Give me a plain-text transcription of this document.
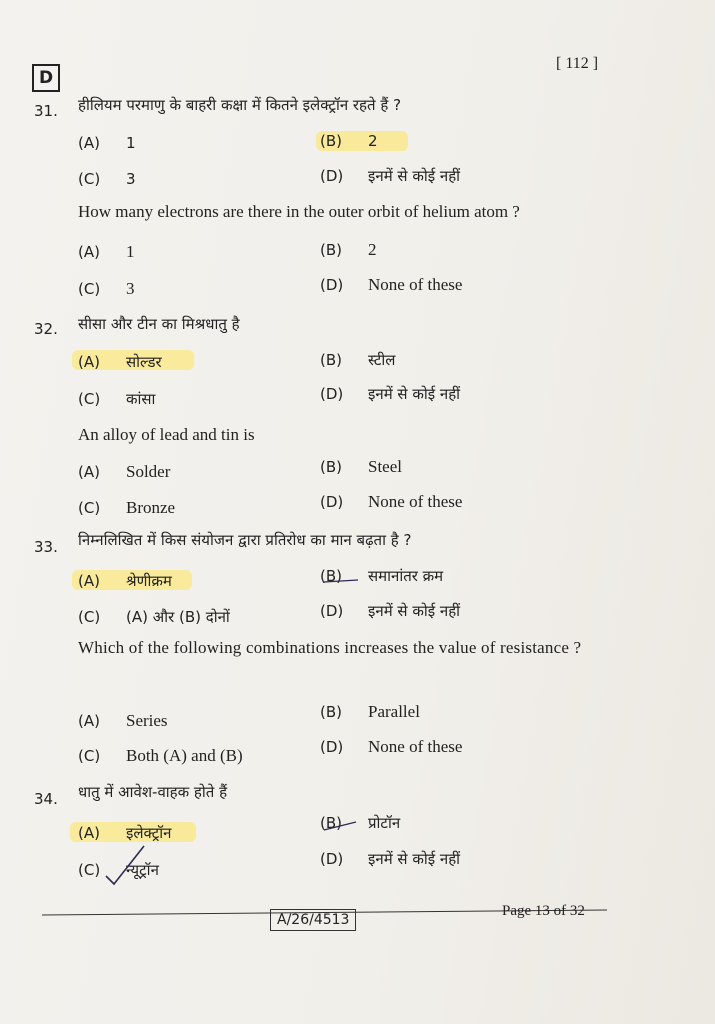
D
[ 112 ]
31. हीलियम परमाणु के बाहरी कक्षा में कितने इलेक्ट्रॉन रहते हैं ?
(A) 1	(B) 2
(C) 3	(D) इनमें से कोई नहीं
How many electrons are there in the outer orbit of helium atom ?
(A) 1	(B) 2
(C) 3	(D) None of these
32. सीसा और टीन का मिश्रधातु है
(A) सोल्डर	(B) स्टील
(C) कांसा	(D) इनमें से कोई नहीं
An alloy of lead and tin is
(A) Solder	(B) Steel
(C) Bronze	(D) None of these
33. निम्नलिखित में किस संयोजन द्वारा प्रतिरोध का मान बढ़ता है ?
(A) श्रेणीक्रम	(B) समानांतर क्रम
(C) (A) और (B) दोनों	(D) इनमें से कोई नहीं
Which of the following combinations increases the value of resistance ?
(A) Series	(B) Parallel
(C) Both (A) and (B)	(D) None of these
34. धातु में आवेश-वाहक होते हैं
(A) इलेक्ट्रॉन
(B) प्रोटॉन
(C) न्यूट्रॉन
(D) इनमें से कोई नहीं
A/26/4513
Page 13 of 32
